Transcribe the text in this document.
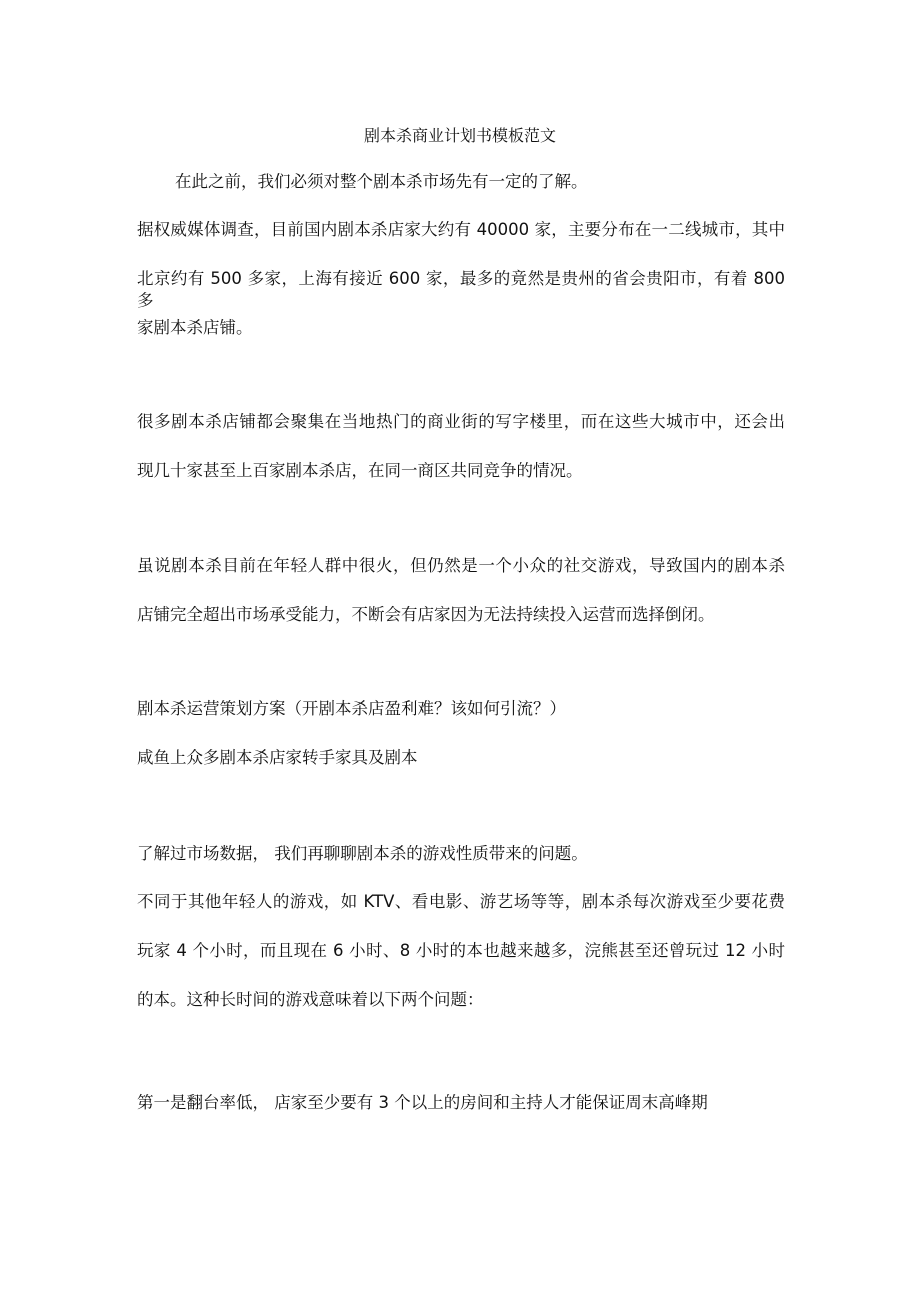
剧本杀商业计划书模板范文

在此之前，我们必须对整个剧本杀市场先有一定的了解。

据权威媒体调查，目前国内剧本杀店家大约有 40000 家，主要分布在一二线城市，其中

北京约有 500 多家，上海有接近 600 家，最多的竟然是贵州的省会贵阳市，有着 800 多

家剧本杀店铺。

很多剧本杀店铺都会聚集在当地热门的商业街的写字楼里，而在这些大城市中，还会出

现几十家甚至上百家剧本杀店，在同一商区共同竞争的情况。

虽说剧本杀目前在年轻人群中很火，但仍然是一个小众的社交游戏，导致国内的剧本杀

店铺完全超出市场承受能力，不断会有店家因为无法持续投入运营而选择倒闭。

剧本杀运营策划方案（开剧本杀店盈利难？该如何引流？）

咸鱼上众多剧本杀店家转手家具及剧本

了解过市场数据， 我们再聊聊剧本杀的游戏性质带来的问题。

不同于其他年轻人的游戏，如 KTV、看电影、游艺场等等，剧本杀每次游戏至少要花费

玩家 4 个小时，而且现在 6 小时、8 小时的本也越来越多，浣熊甚至还曾玩过 12 小时

的本。这种长时间的游戏意味着以下两个问题：

第一是翻台率低， 店家至少要有 3 个以上的房间和主持人才能保证周末高峰期
